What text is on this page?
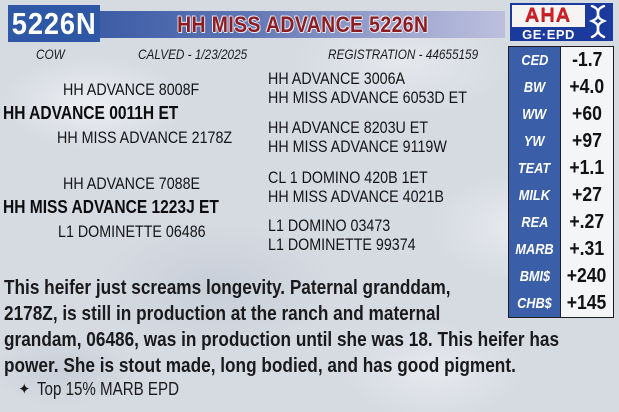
5226N	HH MISS ADVANCE 5226N	AHA
GE·EPD
COW	CALVED - 1/23/2025	REGISTRATION - 44655159
HH ADVANCE 8008F
HH ADVANCE 0011H ET
HH MISS ADVANCE 2178Z
HH ADVANCE 7088E
HH MISS ADVANCE 1223J ET
L1 DOMINETTE 06486
HH ADVANCE 3006A
HH MISS ADVANCE 6053D ET
HH ADVANCE 8203U ET
HH MISS ADVANCE 9119W
CL 1 DOMINO 420B 1ET
HH MISS ADVANCE 4021B
L1 DOMINO 03473
L1 DOMINETTE 99374
CED -1.7
BW +4.0
WW +60
YW +97
TEAT +1.1
MILK +27
REA +.27
MARB +.31
BMI$ +240
CHB$ +145
This heifer just screams longevity. Paternal granddam,
2178Z, is still in production at the ranch and maternal
grandam, 06486, was in production until she was 18. This heifer has
power. She is stout made, long bodied, and has good pigment.
✦ Top 15% MARB EPD
